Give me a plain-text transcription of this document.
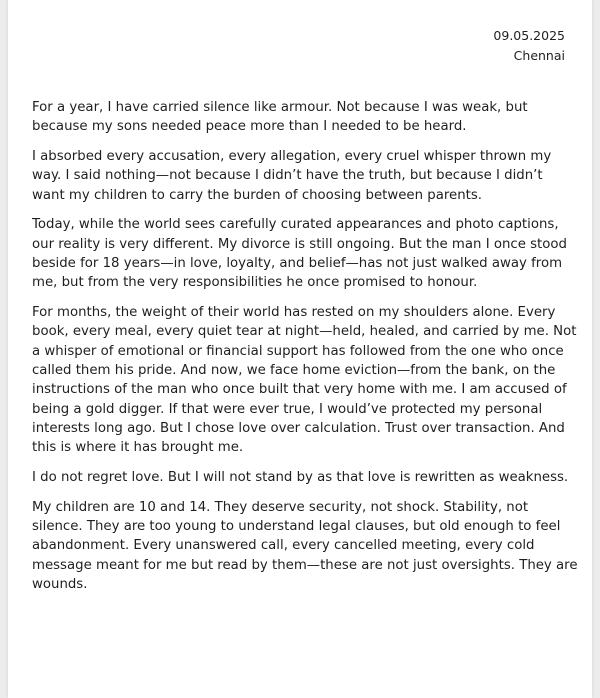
09.05.2025
Chennai

For a year, I have carried silence like armour. Not because I was weak, but because my sons needed peace more than I needed to be heard.

I absorbed every accusation, every allegation, every cruel whisper thrown my way. I said nothing—not because I didn’t have the truth, but because I didn’t want my children to carry the burden of choosing between parents.

Today, while the world sees carefully curated appearances and photo captions, our reality is very different. My divorce is still ongoing. But the man I once stood beside for 18 years—in love, loyalty, and belief—has not just walked away from me, but from the very responsibilities he once promised to honour.

For months, the weight of their world has rested on my shoulders alone. Every book, every meal, every quiet tear at night—held, healed, and carried by me. Not a whisper of emotional or financial support has followed from the one who once called them his pride. And now, we face home eviction—from the bank, on the instructions of the man who once built that very home with me. I am accused of being a gold digger. If that were ever true, I would’ve protected my personal interests long ago. But I chose love over calculation. Trust over transaction. And this is where it has brought me.

I do not regret love. But I will not stand by as that love is rewritten as weakness.

My children are 10 and 14. They deserve security, not shock. Stability, not silence. They are too young to understand legal clauses, but old enough to feel abandonment. Every unanswered call, every cancelled meeting, every cold message meant for me but read by them—these are not just oversights. They are wounds.
